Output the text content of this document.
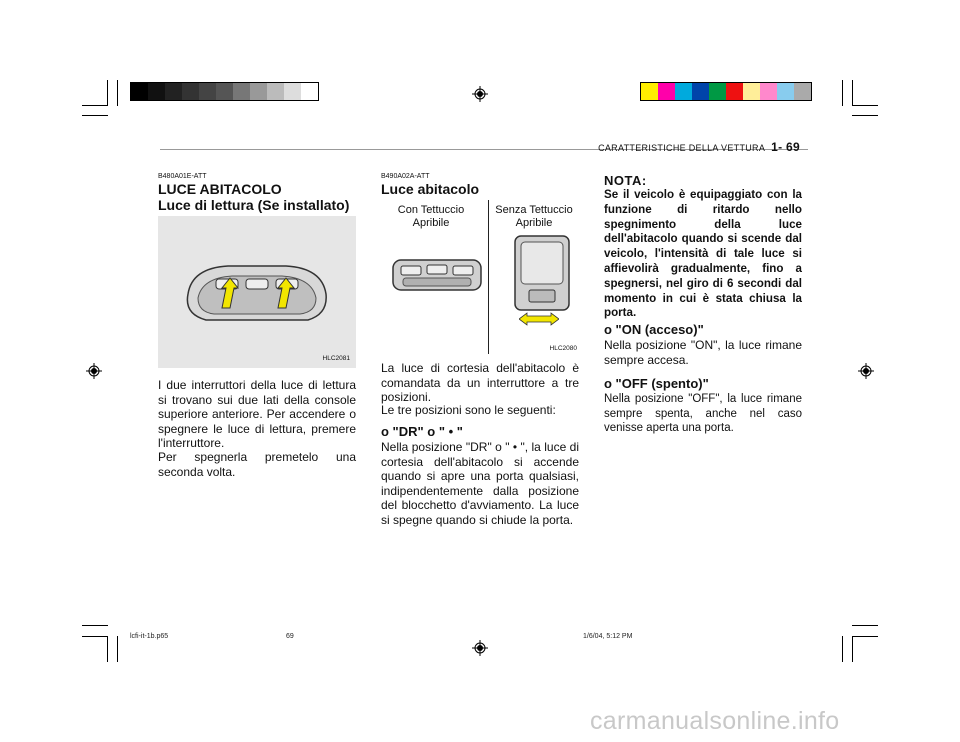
CARATTERISTICHE DELLA VETTURA 1- 69
B480A01E-ATT
LUCE ABITACOLO
Luce di lettura (Se installato)
HLC2081
I due interruttori della luce di lettura si trovano sui due lati della console superiore anteriore. Per accendere o spegnere le luce di lettura, premere l'interruttore.
Per spegnerla premetelo una seconda volta.
B490A02A-ATT
Luce abitacolo
Con Tettuccio
Apribile
Senza Tettuccio
Apribile
HLC2080
La luce di cortesia dell'abitacolo è comandata da un interruttore a tre posizioni.
Le tre posizioni sono le seguenti:
o "DR" o " • "
Nella posizione "DR" o " • ", la luce di cortesia dell'abitacolo si accende quando si apre una porta qualsiasi, indipendentemente dalla posizione del blocchetto d'avviamento. La luce si spegne quando si chiude la porta.
NOTA:
Se il veicolo è equipaggiato con la funzione di ritardo nello spegnimento della luce dell'abitacolo quando si scende dal veicolo, l'intensità di tale luce si affievolirà gradualmente, fino a spegnersi, nel giro di 6 secondi dal momento in cui è stata chiusa la porta.
o "ON (acceso)"
Nella posizione "ON", la luce rimane sempre accesa.
o "OFF (spento)"
Nella posizione "OFF", la luce rimane sempre spenta, anche nel caso venisse aperta una porta.
lcfi-it-1b.p65	69	1/6/04, 5:12 PM
carmanualsonline.info
